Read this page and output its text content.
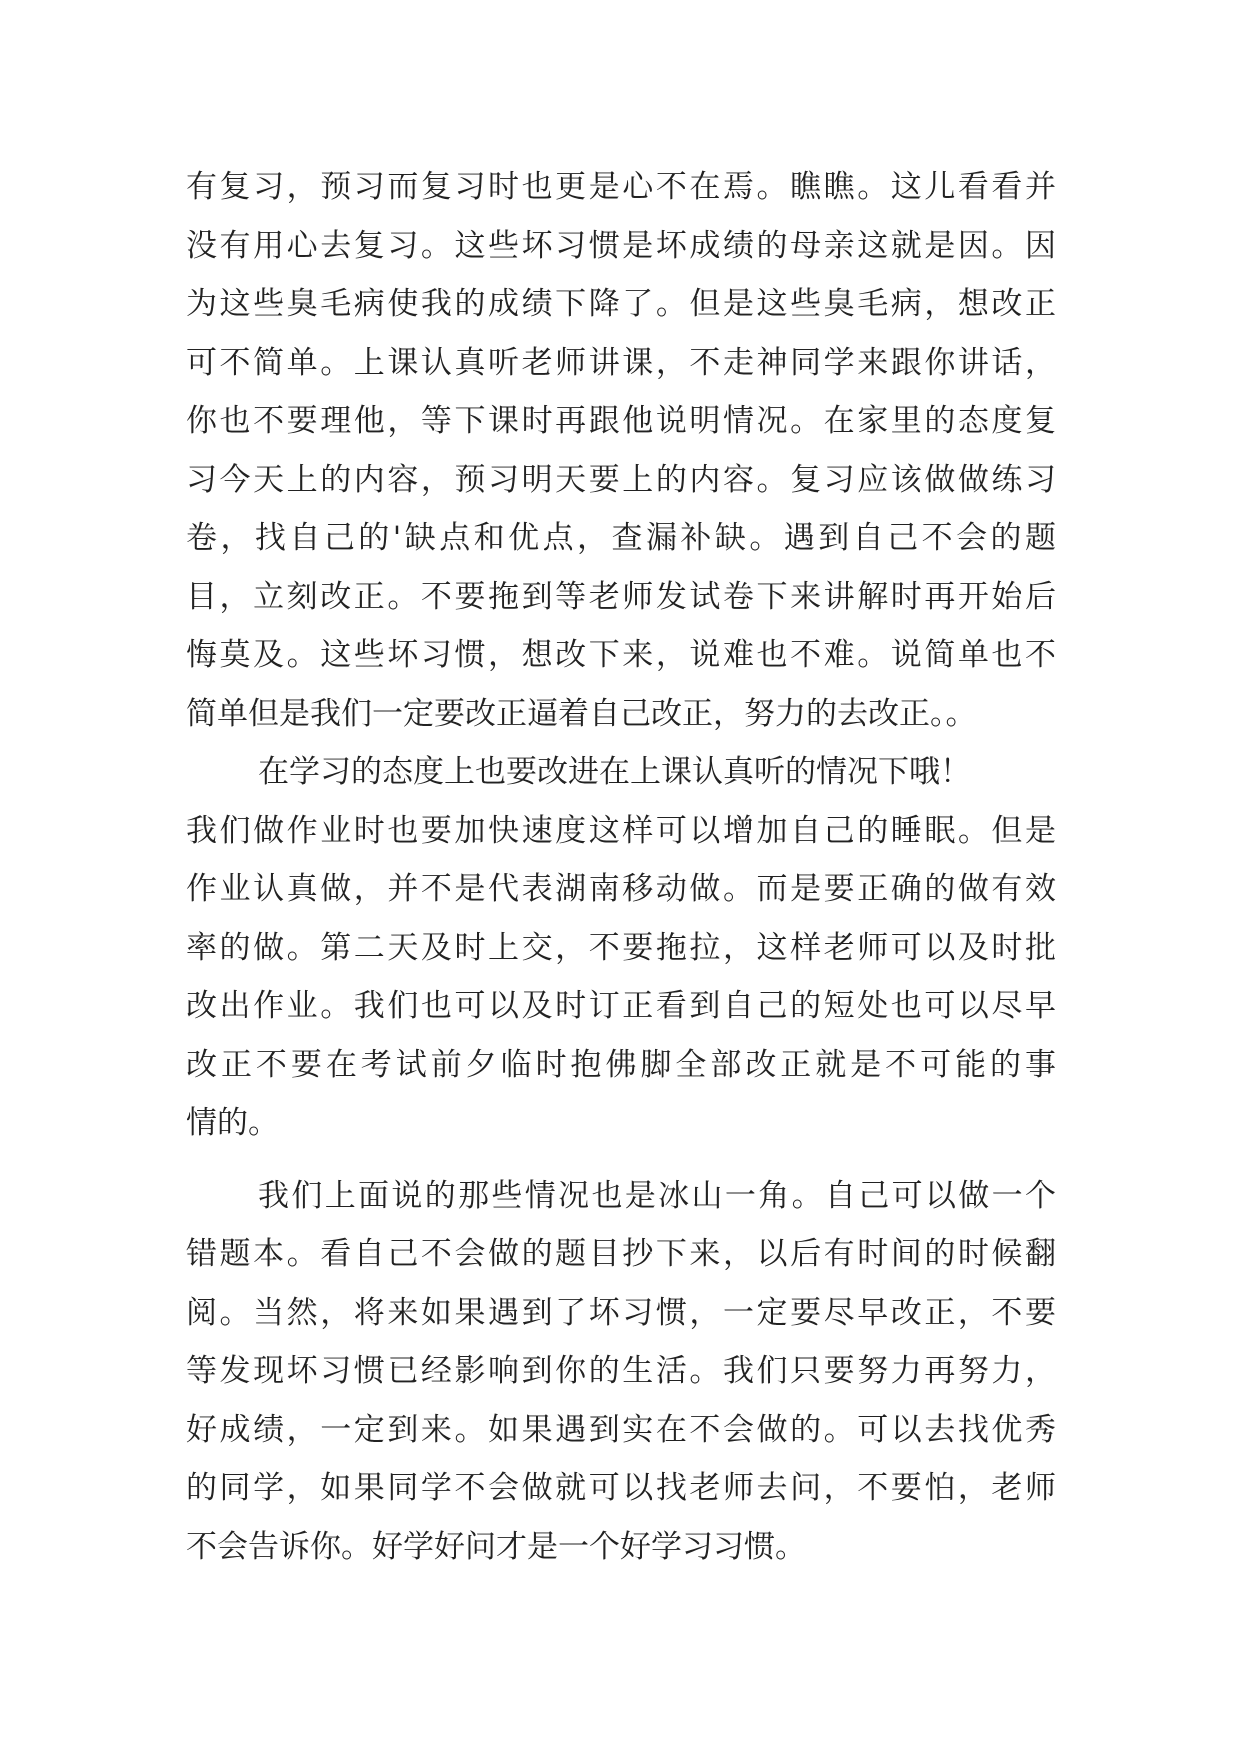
有复习，预习而复习时也更是心不在焉。瞧瞧。这儿看看并
没有用心去复习。这些坏习惯是坏成绩的母亲这就是因。因
为这些臭毛病使我的成绩下降了。但是这些臭毛病，想改正
可不简单。上课认真听老师讲课，不走神同学来跟你讲话，
你也不要理他，等下课时再跟他说明情况。在家里的态度复
习今天上的内容，预习明天要上的内容。复习应该做做练习
卷，找自己的'缺点和优点，查漏补缺。遇到自己不会的题
目，立刻改正。不要拖到等老师发试卷下来讲解时再开始后
悔莫及。这些坏习惯，想改下来，说难也不难。说简单也不
简单但是我们一定要改正逼着自己改正，努力的去改正。。
在学习的态度上也要改进在上课认真听的情况下哦！
我们做作业时也要加快速度这样可以增加自己的睡眠。但是
作业认真做，并不是代表湖南移动做。而是要正确的做有效
率的做。第二天及时上交，不要拖拉，这样老师可以及时批
改出作业。我们也可以及时订正看到自己的短处也可以尽早
改正不要在考试前夕临时抱佛脚全部改正就是不可能的事
情的。
我们上面说的那些情况也是冰山一角。自己可以做一个
错题本。看自己不会做的题目抄下来，以后有时间的时候翻
阅。当然，将来如果遇到了坏习惯，一定要尽早改正，不要
等发现坏习惯已经影响到你的生活。我们只要努力再努力，
好成绩，一定到来。如果遇到实在不会做的。可以去找优秀
的同学，如果同学不会做就可以找老师去问，不要怕，老师
不会告诉你。好学好问才是一个好学习习惯。
